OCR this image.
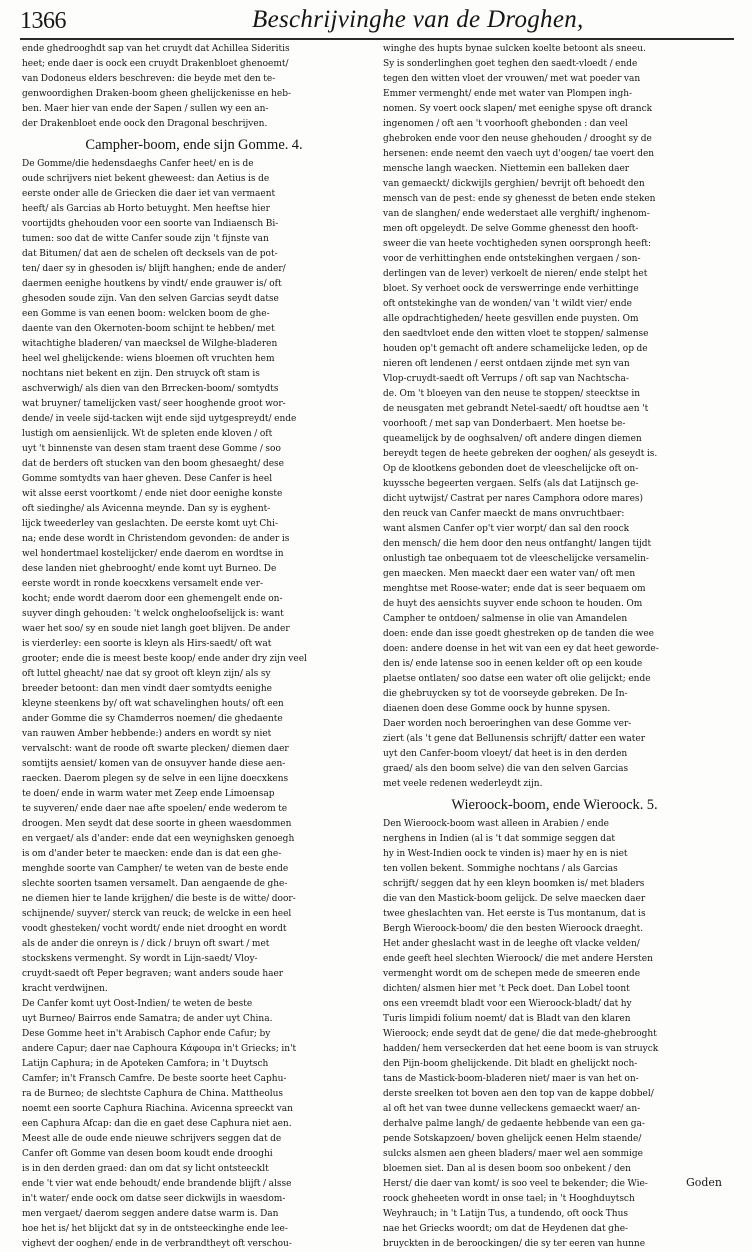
1366	Beschrijvinghe van de Droghen,

ende ghedrooghdt sap van het cruydt dat Achillea Sideritis
heet; ende daer is oock een cruydt Drakenbloet ghenoemt/
van Dodoneus elders beschreven: die beyde met den te-
genwoordighen Draken-boom gheen ghelijckenisse en heb-
ben. Maer hier van ende der Sapen / sullen wy een an-
der Drakenbloet ende oock den Dragonal beschrijven.

Campher-boom, ende sijn Gomme. 4.

De Gomme/die hedensdaeghs Canfer heet/ en is de
oude schrijvers niet bekent gheweest: dan Aetius is de
eerste onder alle de Griecken die daer iet van vermaent
heeft/ als Garcias ab Horto betuyght. Men heeftse hier
voortijdts ghehouden voor een soorte van Indiaensch Bi-
tumen: soo dat de witte Canfer soude zijn 't fijnste van
dat Bitumen/ dat aen de schelen oft decksels van de pot-
ten/ daer sy in ghesoden is/ blijft hanghen; ende de ander/
daermen eenighe houtkens by vindt/ ende grauwer is/ oft
ghesoden soude zijn. Van den selven Garcias seydt datse
een Gomme is van eenen boom: welcken boom de ghe-
daente van den Okernoten-boom schijnt te hebben/ met
witachtighe bladeren/ van maecksel de Wilghe-bladeren
heel wel ghelijckende: wiens bloemen oft vruchten hem
nochtans niet bekent en zijn. Den struyck oft stam is
aschverwigh/ als dien van den Brrecken-boom/ somtydts
wat bruyner/ tamelijcken vast/ seer hooghende groot wor-
dende/ in veele sijd-tacken wijt ende sijd uytgespreydt/ ende
lustigh om aensienlijck. Wt de spleten ende kloven / oft
uyt 't binnenste van desen stam traent dese Gomme / soo
dat de berders oft stucken van den boom ghesaeght/ dese
Gomme somtydts van haer gheven. Dese Canfer is heel
wit alsse eerst voortkomt / ende niet door eenighe konste
oft siedinghe/ als Avicenna meynde. Dan sy is eyghent-
lijck tweederley van geslachten. De eerste komt uyt Chi-
na; ende dese wordt in Christendom gevonden: de ander is
wel hondertmael kostelijcker/ ende daerom en wordtse in
dese landen niet ghebrooght/ ende komt uyt Burneo. De
eerste wordt in ronde koecxkens versamelt ende ver-
kocht; ende wordt daerom door een ghemengelt ende on-
suyver dingh gehouden: 't welck ongheloofselijck is: want
waer het soo/ sy en soude niet langh goet blijven. De ander
is vierderley: een soorte is kleyn als Hirs-saedt/ oft wat
grooter; ende die is meest beste koop/ ende ander dry zijn veel
oft luttel gheacht/ nae dat sy groot oft kleyn zijn/ als sy
breeder betoont: dan men vindt daer somtydts eenighe
kleyne steenkens by/ oft wat schavelinghen houts/ oft een
ander Gomme die sy Chamderros noemen/ die ghedaente
van rauwen Amber hebbende:) anders en wordt sy niet
vervalscht: want de roode oft swarte plecken/ diemen daer
somtijts aensiet/ komen van de onsuyver hande diese aen-
raecken. Daerom plegen sy de selve in een lijne doecxkens
te doen/ ende in warm water met Zeep ende Limoensap
te suyveren/ ende daer nae afte spoelen/ ende wederom te
droogen. Men seydt dat dese soorte in gheen waesdommen
en vergaet/ als d'ander: ende dat een weynighsken genoegh
is om d'ander beter te maecken: ende dan is dat een ghe-
menghde soorte van Campher/ te weten van de beste ende
slechte soorten tsamen versamelt. Dan aengaende de ghe-
ne diemen hier te lande krijghen/ die beste is de witte/ door-
schijnende/ suyver/ sterck van reuck; de welcke in een heel
voodt ghesteken/ vocht wordt/ ende niet drooght en wordt
als de ander die onreyn is / dick / bruyn oft swart / met
stockskens vermenght. Sy wordt in Lijn-saedt/ Vloy-
cruydt-saedt oft Peper begraven; want anders soude haer
kracht verdwijnen.
De Canfer komt uyt Oost-Indien/ te weten de beste
uyt Burneo/ Bairros ende Samatra; de ander uyt China.
Dese Gomme heet in't Arabisch Caphor ende Cafur; by
anderе Capur; daer nae Caphoura Κάφουρα in't Griecks; in't
Latijn Caphura; in de Apoteken Camfora; in 't Duytsch
Camfer; in't Fransch Camfre. De beste soorte heet Caphu-
ra de Burneo; de slechtste Caphura de China. Mattheolus
noemt een soorte Caphura Riachina. Avicenna spreeckt van
een Caphura Afcap: dan die en gaet dese Caphura niet aen.
Meest alle de oude ende nieuwe schrijvers seggen dat de
Canfer oft Gomme van desen boom koudt ende drooghi
is in den derden graed: dan om dat sy licht ontsteecklt
ende 't vier wat ende behoudt/ ende brandende blijft / alsse
in't water/ ende oock om datse seer dickwijls in waesdom-
men vergaet/ daerom seggen andere datse warm is. Dan
hoe het is/ het blijckt dat sy in de ontsteeckinghe ende lee-
vighevt der ooghen/ ende in de verbrandtheyt oft verschou-

winghe des hupts bynae sulcken koelte betoont als sneeu.
Sy is sonderlinghen goet teghen den saedt-vloedt / ende
tegen den witten vloet der vrouwen/ met wat poeder van
Emmer vermenght/ ende met water van Plompen ingh-
nomen. Sy voert oock slapen/ met eenighe spyse oft dranck
ingenomen / oft aen 't voorhooft ghebonden : dan veel
ghebroken ende voor den neuse ghehouden / drooght sy de
hersenen: ende neemt den vaech uyt d'oogen/ tae voert den
mensche langh waecken. Niettemin een balleken daer
van gemaeckt/ dickwijls gerghien/ bevrijt oft behoedt den
mensch van de pest: ende sy ghenesst de beten ende steken
van de slanghen/ ende wederstaet alle verghift/ inghenom-
men oft opgeleydt. De selve Gomme ghenesst den hooft-
sweer die van heete vochtigheden synen oorsprongh heeft:
voor de verhittinghen ende ontstekinghen vergaen / son-
derlingen van de lever) verkoelt de nieren/ ende stelpt het
bloet. Sy verhoet oock de verswerringe ende verhittinge
oft ontstekinghe van de wonden/ van 't wildt vier/ ende
alle opdrachtigheden/ heete gesvillen ende puysten. Om
den saedtvloet ende den witten vloet te stoppen/ salmense
houden op't gemacht oft andere schamelijcke leden, op de
nieren oft lendenen / eerst ontdaen zijnde met syn van
Vlop-cruydt-saedt oft Verrups / oft sap van Nachtscha-
de. Om 't bloeyen van den neuse te stoppen/ steecktse in
de neusgaten met gebrandt Netel-saedt/ oft houdtse aen 't
voorhooft / met sap van Donderbaert. Men hoetse be-
queamelijck by de ooghsalven/ oft andere dingen diemen
bereydt tegen de heete gebreken der ooghen/ als geseydt is.
Op de klootkens gebonden doet de vleeschelijcke oft on-
kuyssche begeerten vergaen. Selfs (als dat Latijnsch ge-
dicht uytwijst/ Castrat per nares Camphora odore mares)
den reuck van Canfer maeckt de mans onvruchtbaer:
want alsmen Canfer op't vier worpt/ dan sal den roock
den mensch/ die hem door den neus ontfanght/ langen tijdt
onlustigh tae onbequaem tot de vleeschelijcke versamelin-
gen maecken. Men maeckt daer een water van/ oft men
menghtse met Roose-water; ende dat is seer bequaem om
de huyt des aensichts suyver ende schoon te houden. Om
Campher te ontdoen/ salmense in olie van Amandelen
doen: ende dan isse goedt ghestreken op de tanden die wee
doen: andere doense in het wit van een ey dat heet geworde-
den is/ ende latense soo in eenen kelder oft op een koude
plaetse ontlaten/ soo datse een water oft olie gelijckt; ende
die ghebruycken sy tot de voorseyde gebreken. De In-
diaenen doen dese Gomme oock by hunne spysen.
Daer worden noch beroeringhen van dese Gomme ver-
ziert (als 't gene dat Bellunensis schrijft/ datter een water
uyt den Canfer-boom vloeyt/ dat heet is in den derden
graed/ als den boom selve) die van den selven Garcias
met veele redenen wederleydt zijn.

Wieroock-boom, ende Wieroock. 5.

Den Wieroock-boom wast alleen in Arabien / ende
nerghens in Indien (al is 't dat sommige seggen dat
hy in West-Indien oock te vinden is) maer hy en is niet
ten vollen bekent. Sommighe nochtans / als Garcias
schrijft/ seggen dat hy een kleyn boomken is/ met bladers
die van den Mastick-boom gelijck. De selve maecken daer
twee ghеslachten van. Het eerste is Tus montanum, dat is
Bergh Wieroock-boom/ die den besten Wieroock draeght.
Het ander ghеslacht wast in de leeghe oft vlacke velden/
ende geeft heel slechten Wieroock/ die met andere Hersten
vermenght wordt om de schepen mede de smeeren ende
dichten/ alsmen hier met 't Peck doet. Dan Lobel toont
ons een vreemdt bladt voor een Wieroock-bladt/ dat hy
Turis limpidi folium noemt/ dat is Bladt van den klaren
Wieroock; ende seydt dat de gene/ die dat mede-ghebrooght
hadden/ hem verseckerden dat het eene boom is van struyck
den Pijn-boom ghelijckende. Dit bladt en ghelijckt noch-
tans de Mastick-boom-bladeren niet/ maer is van het on-
derste sreelken tot boven aen den top van de kappe dobbel/
al oft het van twee dunne velleckens gemaeckt waer/ an-
derhalve palme langh/ de gedaente hebbende van een ga-
pende Sotskapzoen/ boven ghelijck eenen Helm staende/
sulcks alsmen aen gheen bladers/ maer wel aen sommige
bloemen siet. Dan al is desen boom soo onbekent / den
Herst/ die daer van komt/ is soo veel te bekender; die Wie-
roock gheheeten wordt in onse tael; in 't Hooghduytsch
Weyhrauch; in 't Latijn Tus, a tundendo, oft oock Thus
nae het Griecks woordt; om dat de Heydenen dat ghe-
bruyckten in de beroockingen/ die sy ter eeren van hunne

Goden
